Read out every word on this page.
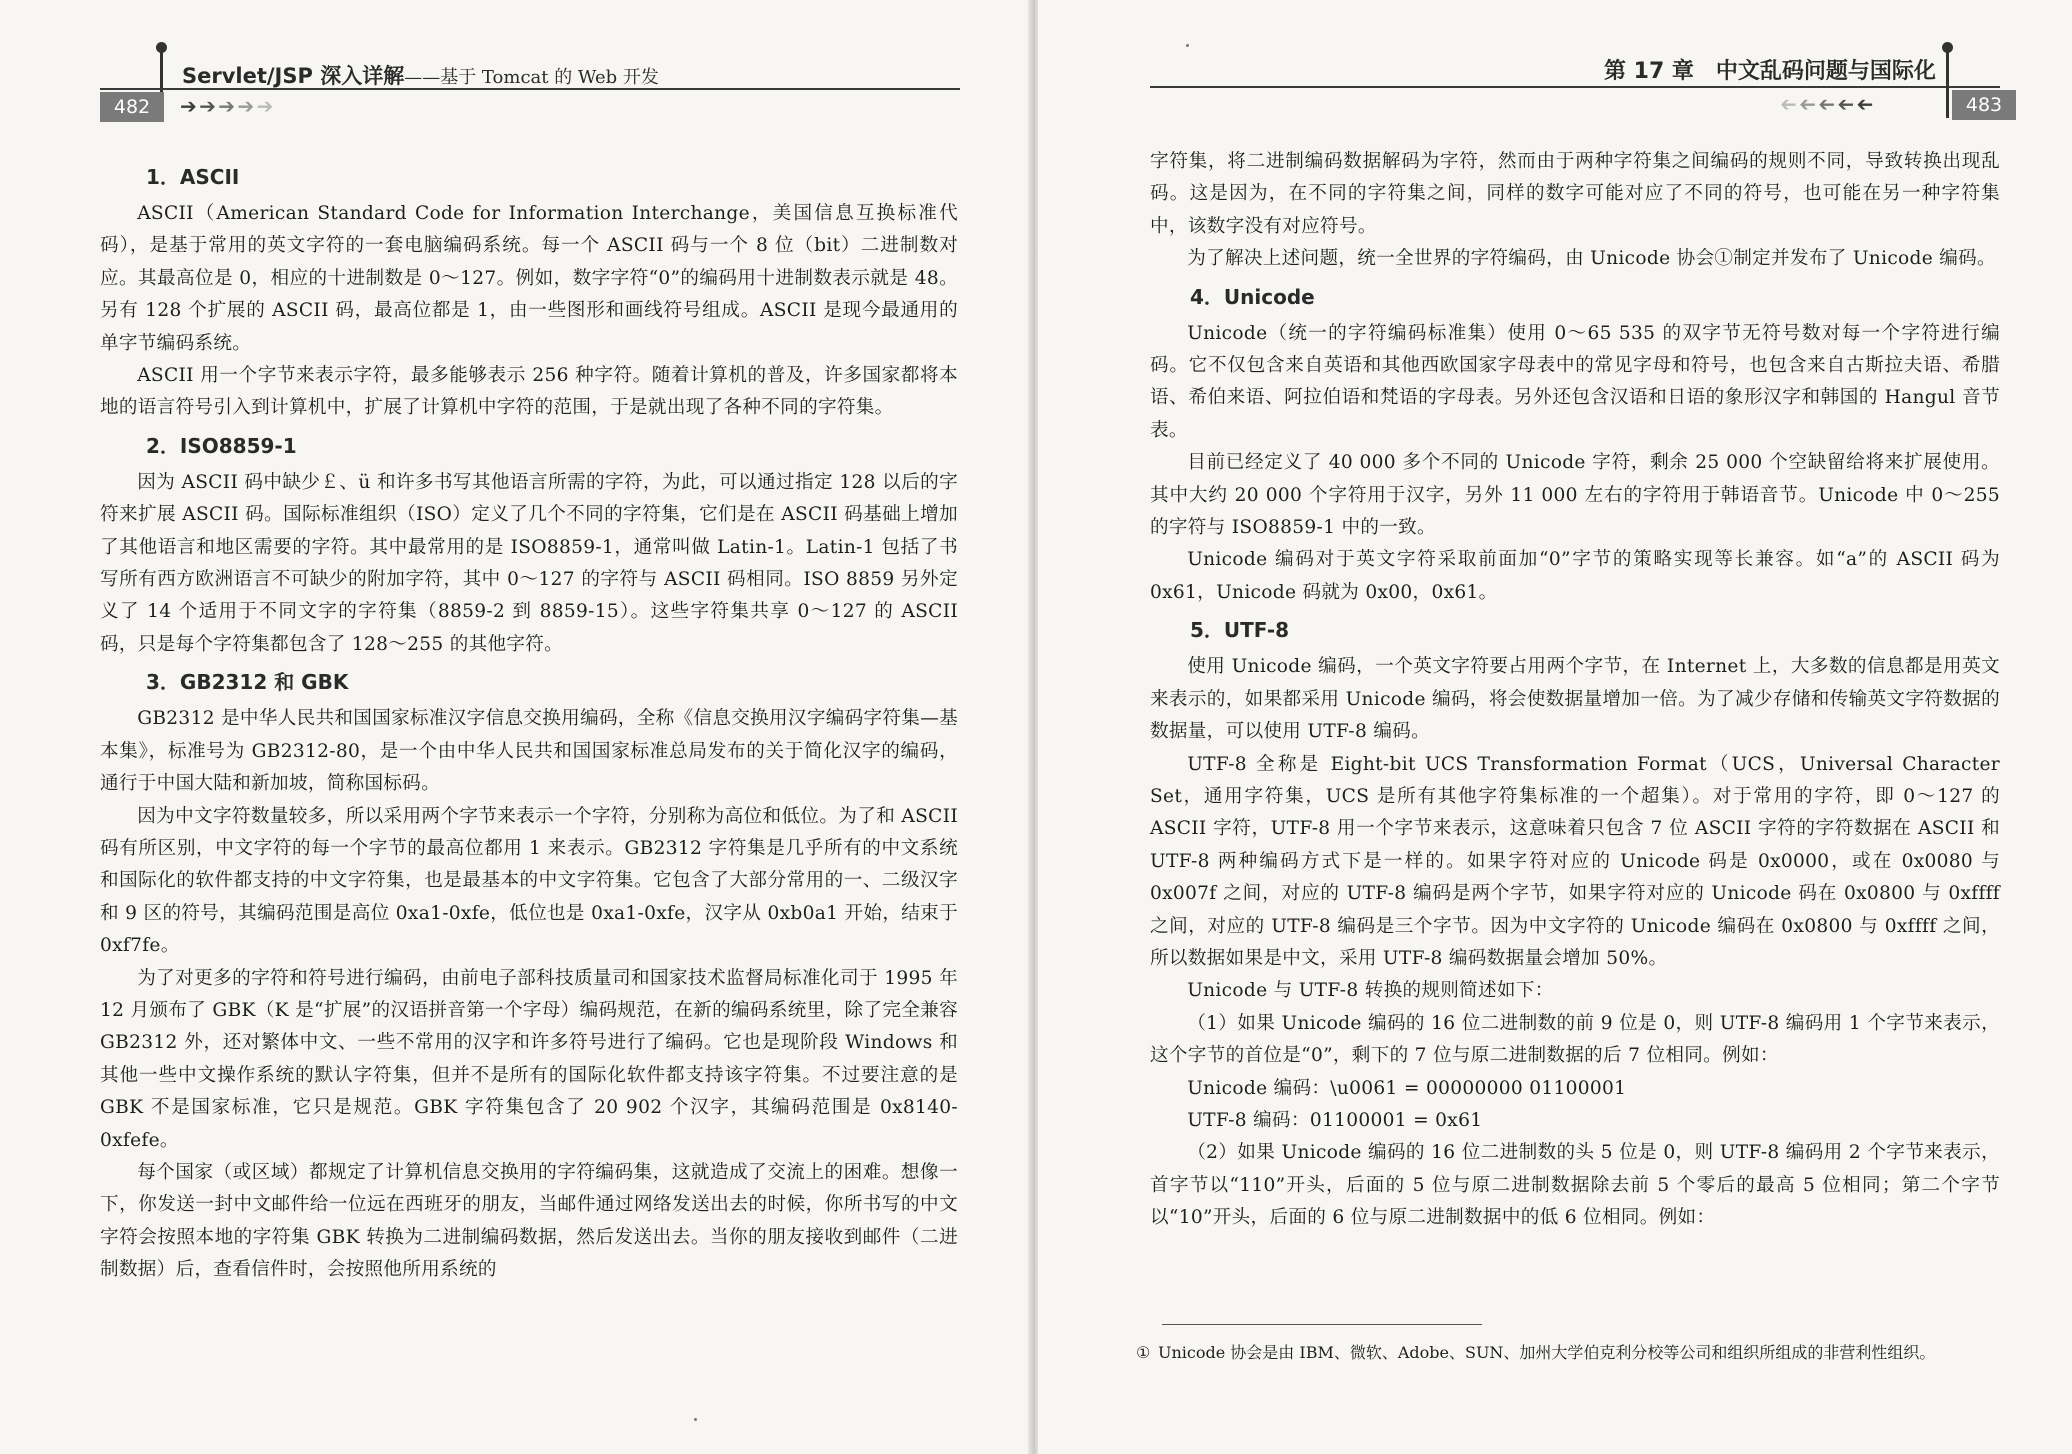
Servlet/JSP 深入详解——基于 Tomcat 的 Web 开发
482	➔ ➔ ➔ ➔ ➔
1．ASCII

ASCII（American Standard Code for Information Interchange，美国信息互换标准代码），是基于常用的英文字符的一套电脑编码系统。每一个 ASCII 码与一个 8 位（bit）二进制数对应。其最高位是 0，相应的十进制数是 0～127。例如，数字字符“0”的编码用十进制数表示就是 48。另有 128 个扩展的 ASCII 码，最高位都是 1，由一些图形和画线符号组成。ASCII 是现今最通用的单字节编码系统。

ASCII 用一个字节来表示字符，最多能够表示 256 种字符。随着计算机的普及，许多国家都将本地的语言符号引入到计算机中，扩展了计算机中字符的范围，于是就出现了各种不同的字符集。

2．ISO8859-1

因为 ASCII 码中缺少￡、ü 和许多书写其他语言所需的字符，为此，可以通过指定 128 以后的字符来扩展 ASCII 码。国际标准组织（ISO）定义了几个不同的字符集，它们是在 ASCII 码基础上增加了其他语言和地区需要的字符。其中最常用的是 ISO8859-1，通常叫做 Latin-1。Latin-1 包括了书写所有西方欧洲语言不可缺少的附加字符，其中 0～127 的字符与 ASCII 码相同。ISO 8859 另外定义了 14 个适用于不同文字的字符集（8859-2 到 8859-15）。这些字符集共享 0～127 的 ASCII 码，只是每个字符集都包含了 128～255 的其他字符。

3．GB2312 和 GBK

GB2312 是中华人民共和国国家标准汉字信息交换用编码，全称《信息交换用汉字编码字符集—基本集》，标准号为 GB2312-80，是一个由中华人民共和国国家标准总局发布的关于简化汉字的编码，通行于中国大陆和新加坡，简称国标码。

因为中文字符数量较多，所以采用两个字节来表示一个字符，分别称为高位和低位。为了和 ASCII 码有所区别，中文字符的每一个字节的最高位都用 1 来表示。GB2312 字符集是几乎所有的中文系统和国际化的软件都支持的中文字符集，也是最基本的中文字符集。它包含了大部分常用的一、二级汉字和 9 区的符号，其编码范围是高位 0xa1-0xfe，低位也是 0xa1-0xfe，汉字从 0xb0a1 开始，结束于 0xf7fe。

为了对更多的字符和符号进行编码，由前电子部科技质量司和国家技术监督局标准化司于 1995 年 12 月颁布了 GBK（K 是“扩展”的汉语拼音第一个字母）编码规范，在新的编码系统里，除了完全兼容 GB2312 外，还对繁体中文、一些不常用的汉字和许多符号进行了编码。它也是现阶段 Windows 和其他一些中文操作系统的默认字符集，但并不是所有的国际化软件都支持该字符集。不过要注意的是 GBK 不是国家标准，它只是规范。GBK 字符集包含了 20 902 个汉字，其编码范围是 0x8140-0xfefe。

每个国家（或区域）都规定了计算机信息交换用的字符编码集，这就造成了交流上的困难。想像一下，你发送一封中文邮件给一位远在西班牙的朋友，当邮件通过网络发送出去的时候，你所书写的中文字符会按照本地的字符集 GBK 转换为二进制编码数据，然后发送出去。当你的朋友接收到邮件（二进制数据）后，查看信件时，会按照他所用系统的

第 17 章　中文乱码问题与国际化
➔ ➔ ➔ ➔ ➔	483

字符集，将二进制编码数据解码为字符，然而由于两种字符集之间编码的规则不同，导致转换出现乱码。这是因为，在不同的字符集之间，同样的数字可能对应了不同的符号，也可能在另一种字符集中，该数字没有对应符号。

为了解决上述问题，统一全世界的字符编码，由 Unicode 协会①制定并发布了 Unicode 编码。

4．Unicode

Unicode（统一的字符编码标准集）使用 0～65 535 的双字节无符号数对每一个字符进行编码。它不仅包含来自英语和其他西欧国家字母表中的常见字母和符号，也包含来自古斯拉夫语、希腊语、希伯来语、阿拉伯语和梵语的字母表。另外还包含汉语和日语的象形汉字和韩国的 Hangul 音节表。

目前已经定义了 40 000 多个不同的 Unicode 字符，剩余 25 000 个空缺留给将来扩展使用。其中大约 20 000 个字符用于汉字，另外 11 000 左右的字符用于韩语音节。Unicode 中 0～255 的字符与 ISO8859-1 中的一致。

Unicode 编码对于英文字符采取前面加“0”字节的策略实现等长兼容。如“a”的 ASCII 码为 0x61，Unicode 码就为 0x00，0x61。

5．UTF-8

使用 Unicode 编码，一个英文字符要占用两个字节，在 Internet 上，大多数的信息都是用英文来表示的，如果都采用 Unicode 编码，将会使数据量增加一倍。为了减少存储和传输英文字符数据的数据量，可以使用 UTF-8 编码。

UTF-8 全称是 Eight-bit UCS Transformation Format（UCS，Universal Character Set，通用字符集，UCS 是所有其他字符集标准的一个超集）。对于常用的字符，即 0～127 的 ASCII 字符，UTF-8 用一个字节来表示，这意味着只包含 7 位 ASCII 字符的字符数据在 ASCII 和 UTF-8 两种编码方式下是一样的。如果字符对应的 Unicode 码是 0x0000，或在 0x0080 与 0x007f 之间，对应的 UTF-8 编码是两个字节，如果字符对应的 Unicode 码在 0x0800 与 0xffff 之间，对应的 UTF-8 编码是三个字节。因为中文字符的 Unicode 编码在 0x0800 与 0xffff 之间，所以数据如果是中文，采用 UTF-8 编码数据量会增加 50%。

Unicode 与 UTF-8 转换的规则简述如下：

（1）如果 Unicode 编码的 16 位二进制数的前 9 位是 0，则 UTF-8 编码用 1 个字节来表示，这个字节的首位是“0”，剩下的 7 位与原二进制数据的后 7 位相同。例如：

Unicode 编码：\u0061 = 00000000 01100001

UTF-8 编码：01100001 = 0x61

（2）如果 Unicode 编码的 16 位二进制数的头 5 位是 0，则 UTF-8 编码用 2 个字节来表示，首字节以“110”开头，后面的 5 位与原二进制数据除去前 5 个零后的最高 5 位相同；第二个字节以“10”开头，后面的 6 位与原二进制数据中的低 6 位相同。例如：

① Unicode 协会是由 IBM、微软、Adobe、SUN、加州大学伯克利分校等公司和组织所组成的非营利性组织。
